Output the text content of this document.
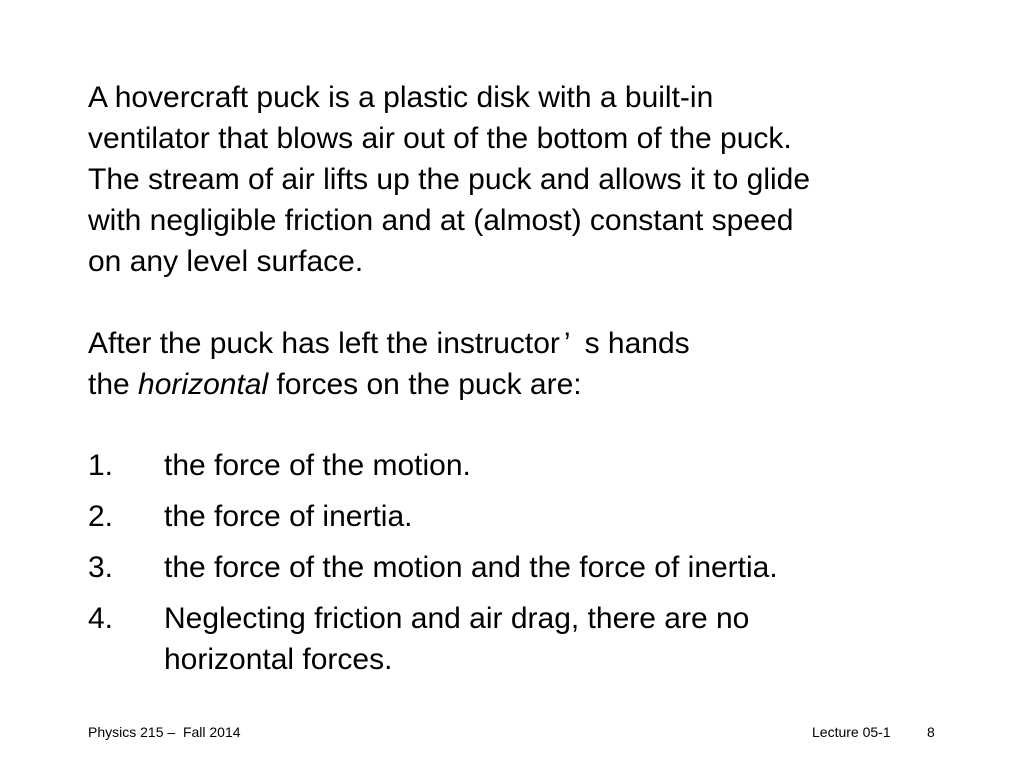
A hovercraft puck is a plastic disk with a built-in
ventilator that blows air out of the bottom of the puck.
The stream of air lifts up the puck and allows it to glide
with negligible friction and at (almost) constant speed
on any level surface.
After the puck has left the instructor ’ s hands
the horizontal forces on the puck are:
1. the force of the motion.
2. the force of inertia.
3. the force of the motion and the force of inertia.
4. Neglecting friction and air drag, there are no
horizontal forces.
Physics 215 –  Fall 2014	Lecture 05-1	8
